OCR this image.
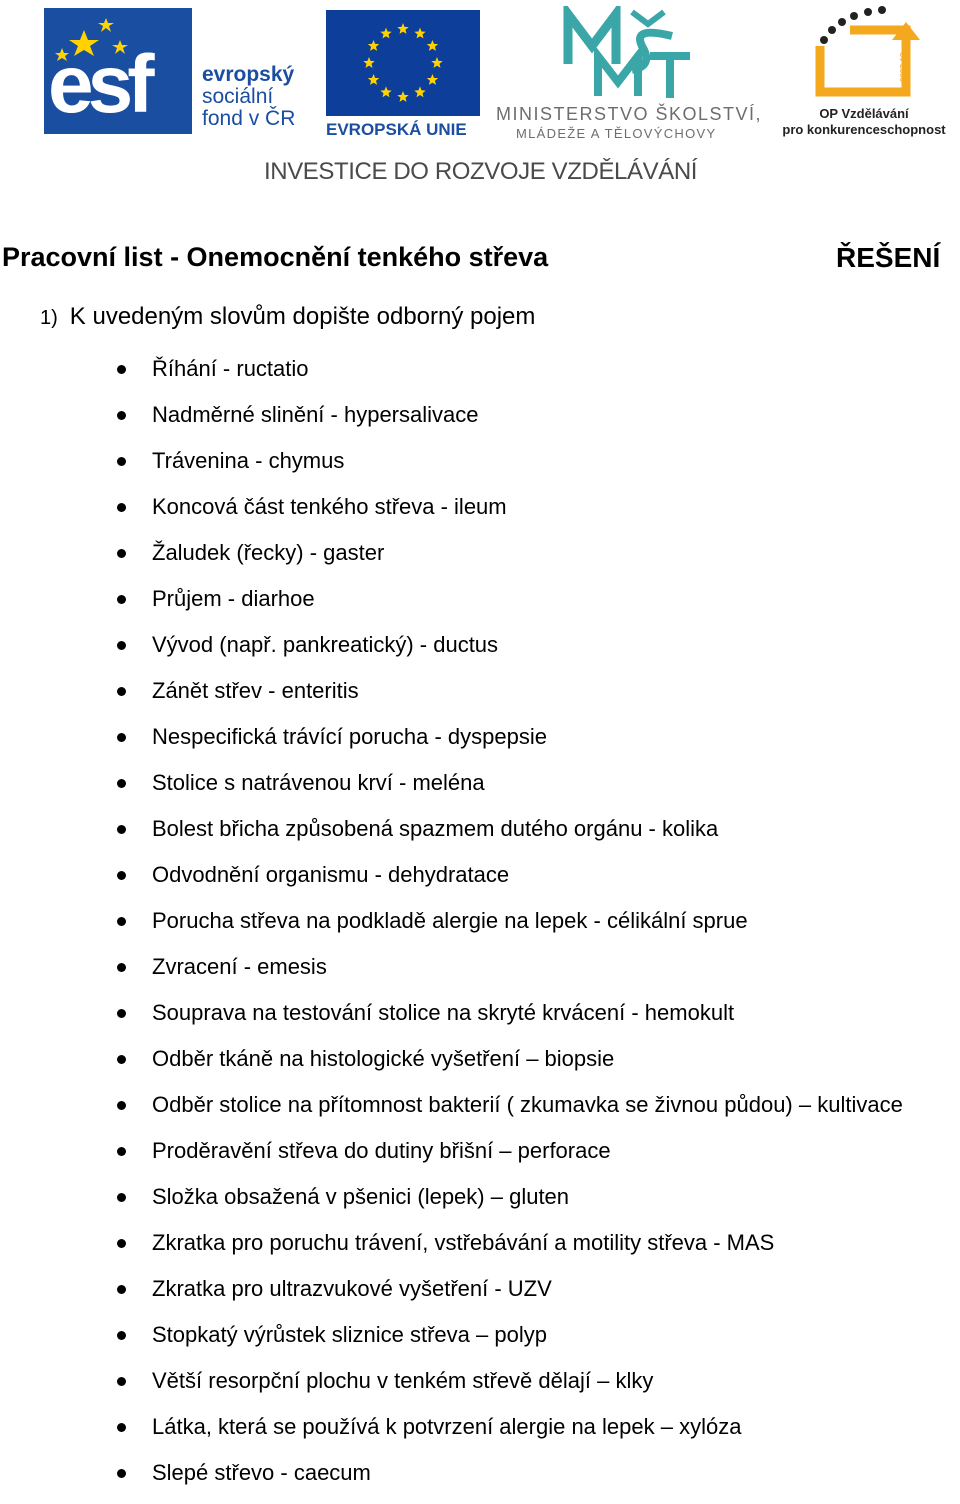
esf	evropský
sociální
fond v ČR EVROPSKÁ UNIE
MINISTERSTVO ŠKOLSTVÍ,
MLÁDEŽE A TĚLOVÝCHOVY
2007-13
OP Vzdělávání
pro konkurenceschopnost
INVESTICE DO ROZVOJE VZDĚLÁVÁNÍ
Pracovní list - Onemocnění tenkého střeva	ŘEŠENÍ
1) K uvedeným slovům dopište odborný pojem
Říhání - ructatio
Nadměrné slinění - hypersalivace
Trávenina - chymus
Koncová část tenkého střeva - ileum
Žaludek (řecky) - gaster
Průjem - diarhoe
Vývod (např. pankreatický) - ductus
Zánět střev - enteritis
Nespecifická trávící porucha - dyspepsie
Stolice s natrávenou krví - meléna
Bolest břicha způsobená spazmem dutého orgánu - kolika
Odvodnění organismu - dehydratace
Porucha střeva na podkladě alergie na lepek - célikální sprue
Zvracení - emesis
Souprava na testování stolice na skryté krvácení - hemokult
Odběr tkáně na histologické vyšetření – biopsie
Odběr stolice na přítomnost bakterií ( zkumavka se živnou půdou) – kultivace
Proděravění střeva do dutiny břišní – perforace
Složka obsažená v pšenici (lepek) – gluten
Zkratka pro poruchu trávení, vstřebávání a motility střeva - MAS
Zkratka pro ultrazvukové vyšetření - UZV
Stopkatý výrůstek sliznice střeva – polyp
Větší resorpční plochu v tenkém střevě dělají – klky
Látka, která se používá k potvrzení alergie na lepek – xylóza
Slepé střevo - caecum
